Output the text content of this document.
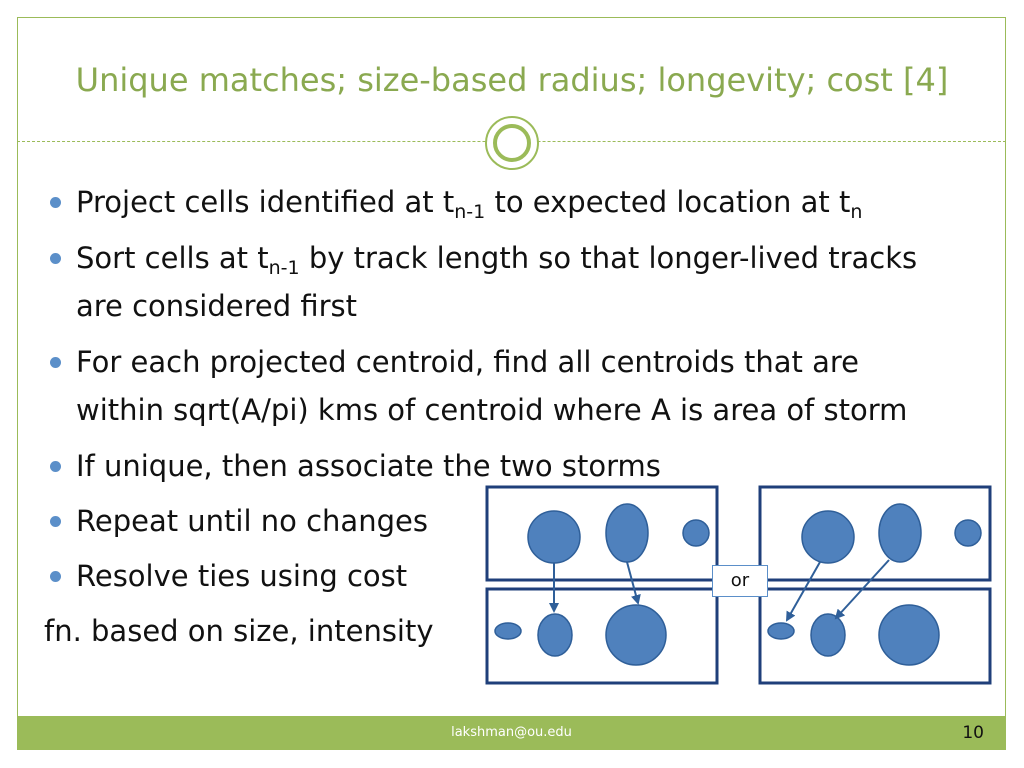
Unique matches; size-based radius; longevity; cost [4]
Project cells identified at $t_{n-1}$ to expected location at $t_n$
Sort cells at $t_{n-1}$ by track length so that longer-lived tracks
are considered first
For each projected centroid, find all centroids that are
within sqrt(A/pi) kms of centroid where A is area of storm
If unique, then associate the two storms
Repeat until no changes
Resolve ties using cost
fn. based on size, intensity
or
lakshman@ou.edu	10
